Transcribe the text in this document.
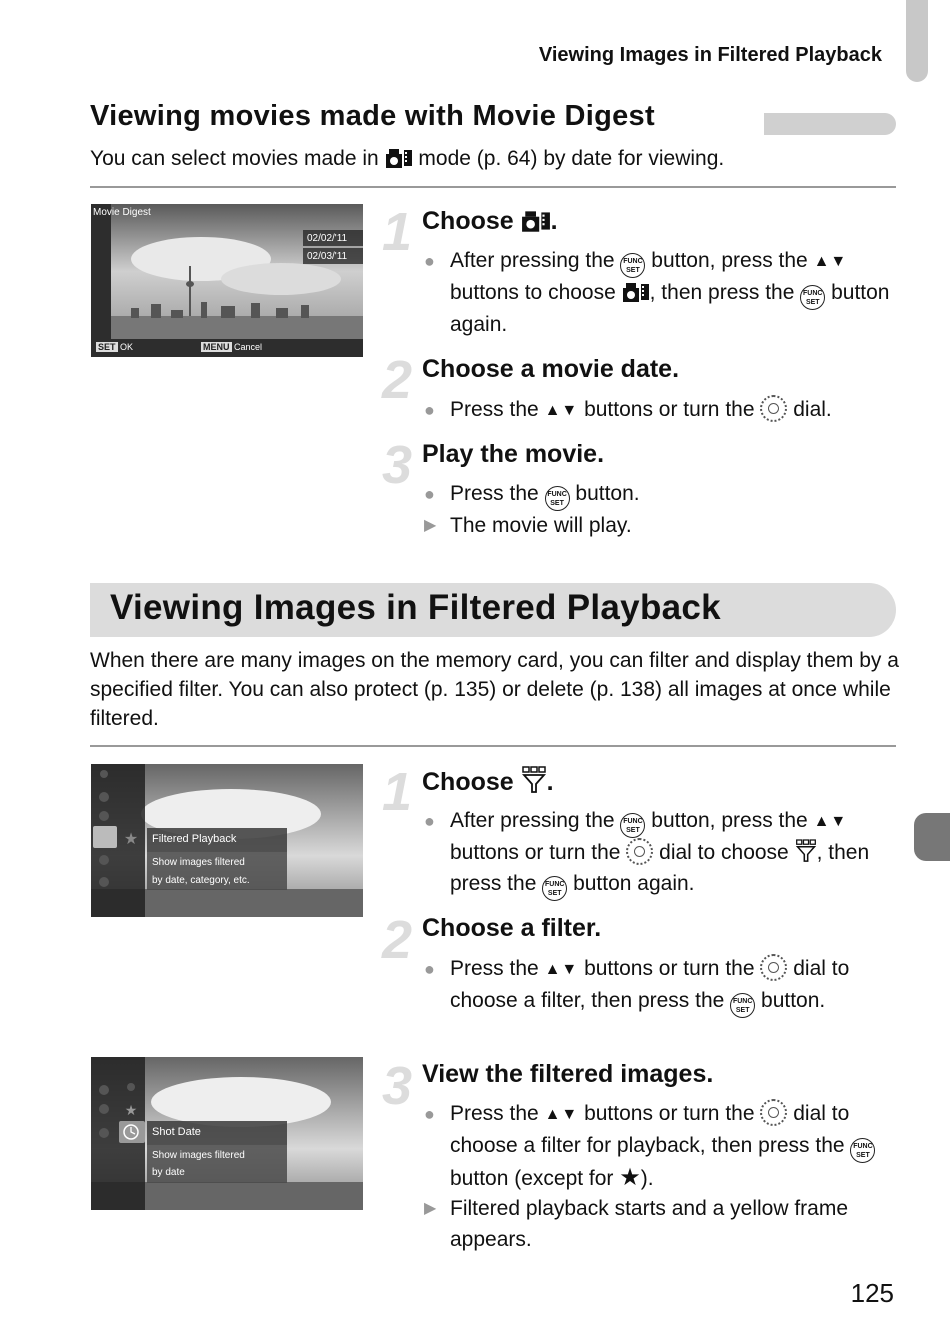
Viewing Images in Filtered Playback
Viewing movies made with Movie Digest
You can select movies made in mode (p. 64) by date for viewing.
Movie Digest
02/02/'11
02/03/'11
SET OK	MENU Cancel
1 Choose .
● After pressing the FUNC
SET button, press the ▲▼ buttons to choose , then press the FUNC
SET button again.
2 Choose a movie date.
● Press the ▲▼ buttons or turn the dial.
3 Play the movie.
● Press the FUNC
SET button.
▶ The movie will play.
Viewing Images in Filtered Playback
When there are many images on the memory card, you can filter and display them by a specified filter. You can also protect (p. 135) or delete (p. 138) all images at once while filtered.
★ Filtered Playback
Show images filtered
by date, category, etc.
★
Shot Date
Show images filtered
by date
1 Choose .
● After pressing the FUNC
SET button, press the ▲▼ buttons or turn the dial to choose , then press the FUNC
SET button again.
2 Choose a filter.
● Press the ▲▼ buttons or turn the dial to choose a filter, then press the FUNC
SET button.
3 View the filtered images.
● Press the ▲▼ buttons or turn the dial to choose a filter for playback, then press the FUNC
SET button (except for ★).
▶ Filtered playback starts and a yellow frame appears.
125
